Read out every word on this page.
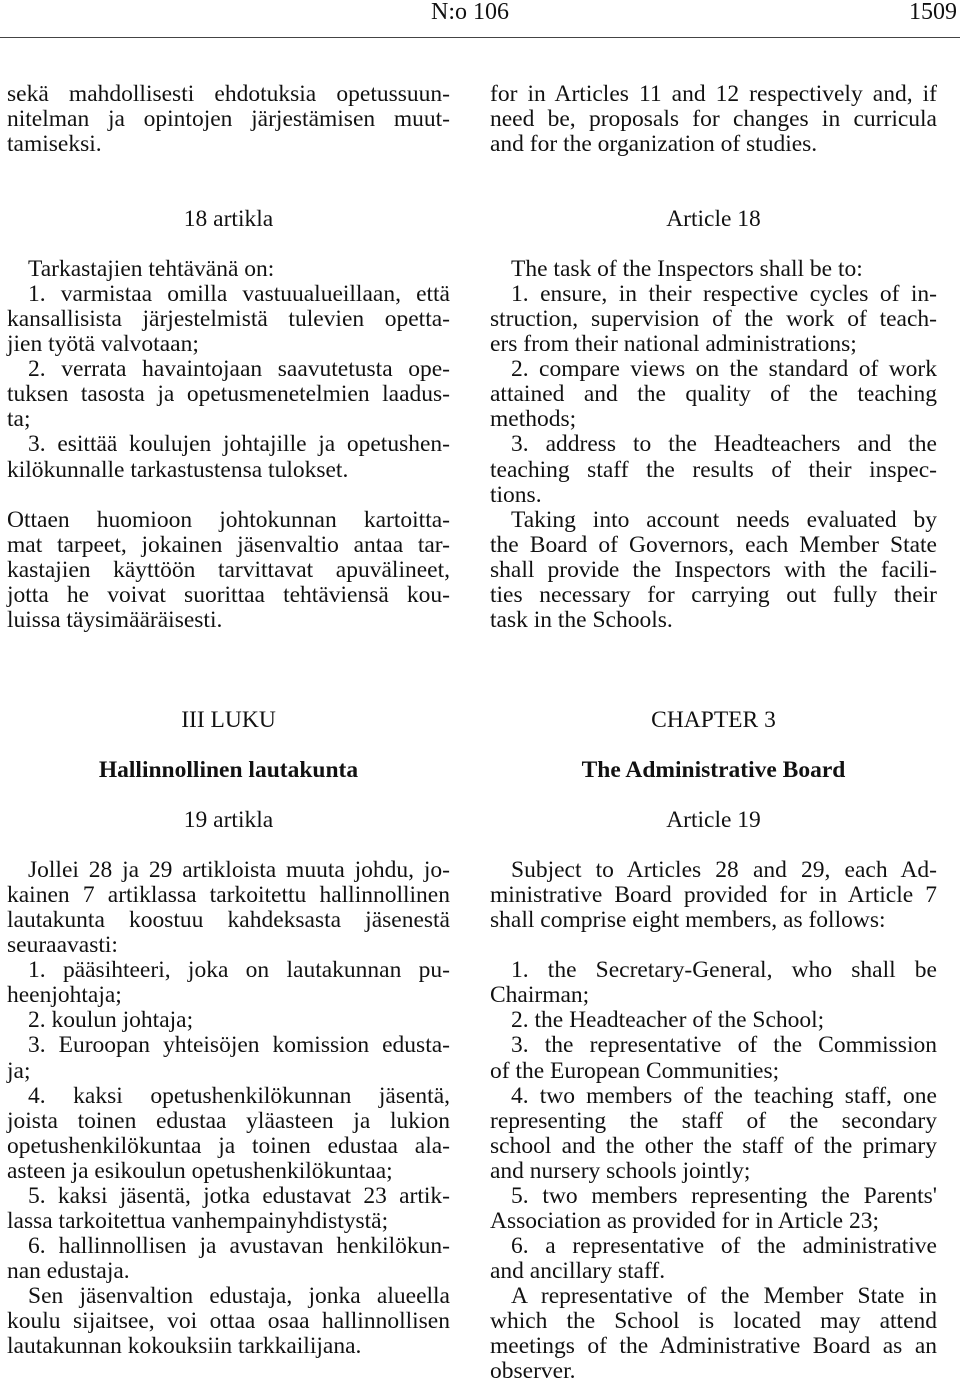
N:o 106	1509
sekä mahdollisesti ehdotuksia opetussuun-
nitelman ja opintojen järjestämisen muut-
tamiseksi.
18 artikla
Tarkastajien tehtävänä on:
1. varmistaa omilla vastuualueillaan, että
kansallisista järjestelmistä tulevien opetta-
jien työtä valvotaan;
2. verrata havaintojaan saavutetusta ope-
tuksen tasosta ja opetusmenetelmien laadus-
ta;
3. esittää koulujen johtajille ja opetushen-
kilökunnalle tarkastustensa tulokset.
Ottaen huomioon johtokunnan kartoitta-
mat tarpeet, jokainen jäsenvaltio antaa tar-
kastajien käyttöön tarvittavat apuvälineet,
jotta he voivat suorittaa tehtäviensä kou-
luissa täysimääräisesti.
III LUKU
Hallinnollinen lautakunta
19 artikla
Jollei 28 ja 29 artikloista muuta johdu, jo-
kainen 7 artiklassa tarkoitettu hallinnollinen
lautakunta koostuu kahdeksasta jäsenestä
seuraavasti:
1. pääsihteeri, joka on lautakunnan pu-
heenjohtaja;
2. koulun johtaja;
3. Euroopan yhteisöjen komission edusta-
ja;
4. kaksi opetushenkilökunnan jäsentä,
joista toinen edustaa yläasteen ja lukion
opetushenkilökuntaa ja toinen edustaa ala-
asteen ja esikoulun opetushenkilökuntaa;
5. kaksi jäsentä, jotka edustavat 23 artik-
lassa tarkoitettua vanhempainyhdistystä;
6. hallinnollisen ja avustavan henkilökun-
nan edustaja.
Sen jäsenvaltion edustaja, jonka alueella
koulu sijaitsee, voi ottaa osaa hallinnollisen
lautakunnan kokouksiin tarkkailijana.
for in Articles 11 and 12 respectively and, if
need be, proposals for changes in curricula
and for the organization of studies.
Article 18
The task of the Inspectors shall be to:
1. ensure, in their respective cycles of in-
struction, supervision of the work of teach-
ers from their national administrations;
2. compare views on the standard of work
attained and the quality of the teaching
methods;
3. address to the Headteachers and the
teaching staff the results of their inspec-
tions.
Taking into account needs evaluated by
the Board of Governors, each Member State
shall provide the Inspectors with the facili-
ties necessary for carrying out fully their
task in the Schools.
CHAPTER 3
The Administrative Board
Article 19
Subject to Articles 28 and 29, each Ad-
ministrative Board provided for in Article 7
shall comprise eight members, as follows:
1. the Secretary-General, who shall be
Chairman;
2. the Headteacher of the School;
3. the representative of the Commission
of the European Communities;
4. two members of the teaching staff, one
representing the staff of the secondary
school and the other the staff of the primary
and nursery schools jointly;
5. two members representing the Parents'
Association as provided for in Article 23;
6. a representative of the administrative
and ancillary staff.
A representative of the Member State in
which the School is located may attend
meetings of the Administrative Board as an
observer.
